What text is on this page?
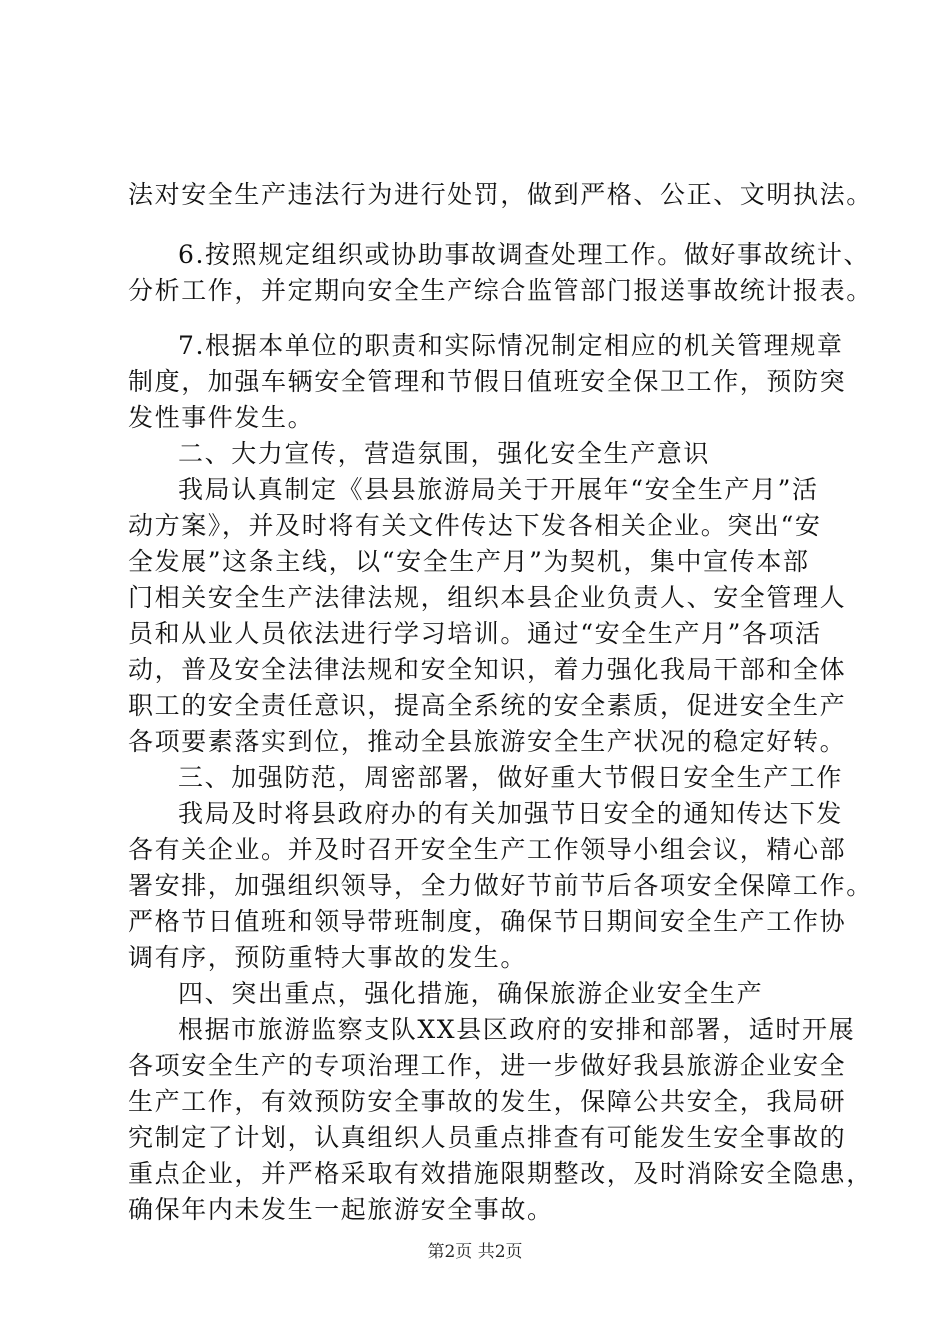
法对安全生产违法行为进行处罚，做到严格、公正、文明执法。
6.按照规定组织或协助事故调查处理工作。做好事故统计、
分析工作，并定期向安全生产综合监管部门报送事故统计报表。
7.根据本单位的职责和实际情况制定相应的机关管理规章
制度，加强车辆安全管理和节假日值班安全保卫工作，预防突
发性事件发生。
二、大力宣传，营造氛围，强化安全生产意识
我局认真制定《县县旅游局关于开展年“安全生产月”活
动方案》，并及时将有关文件传达下发各相关企业。突出“安
全发展”这条主线，以“安全生产月”为契机，集中宣传本部
门相关安全生产法律法规，组织本县企业负责人、安全管理人
员和从业人员依法进行学习培训。通过“安全生产月”各项活
动，普及安全法律法规和安全知识，着力强化我局干部和全体
职工的安全责任意识，提高全系统的安全素质，促进安全生产
各项要素落实到位，推动全县旅游安全生产状况的稳定好转。
三、加强防范，周密部署，做好重大节假日安全生产工作
我局及时将县政府办的有关加强节日安全的通知传达下发
各有关企业。并及时召开安全生产工作领导小组会议，精心部
署安排，加强组织领导，全力做好节前节后各项安全保障工作。
严格节日值班和领导带班制度，确保节日期间安全生产工作协
调有序，预防重特大事故的发生。
四、突出重点，强化措施，确保旅游企业安全生产
根据市旅游监察支队XX县区政府的安排和部署，适时开展
各项安全生产的专项治理工作，进一步做好我县旅游企业安全
生产工作，有效预防安全事故的发生，保障公共安全，我局研
究制定了计划，认真组织人员重点排查有可能发生安全事故的
重点企业，并严格采取有效措施限期整改，及时消除安全隐患，
确保年内未发生一起旅游安全事故。
第2页 共2页
